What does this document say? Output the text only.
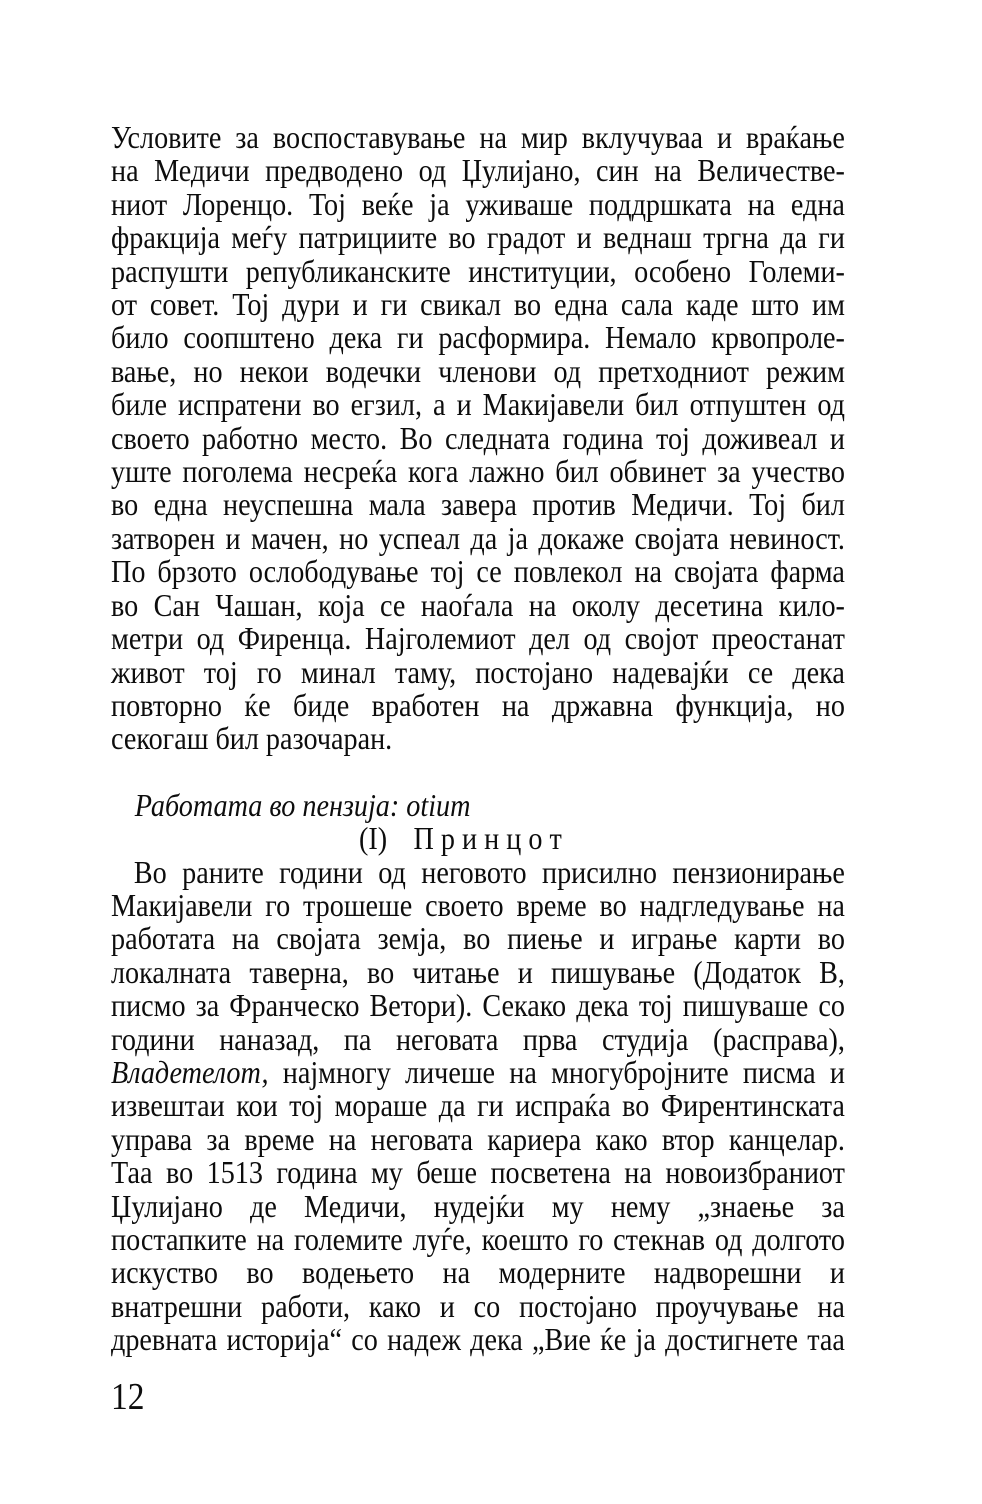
Условите за воспоставување на мир вклучуваа и враќање
на Медичи предводено од Џулијано, син на Величестве-
ниот Лоренцо. Тој веќе ја уживаше поддршката на една
фракција меѓу патрициите во градот и веднаш тргна да ги
распушти републиканските институции, особено Големи-
от совет. Тој дури и ги свикал во една сала каде што им
било соопштено дека ги расформира. Немало крвопроле-
вање, но некои водечки членови од претходниот режим
биле испратени во егзил, а и Макијавели бил отпуштен од
своето работно место. Во следната година тој доживеал и
уште поголема несреќа кога лажно бил обвинет за учество
во една неуспешна мала завера против Медичи. Тој бил
затворен и мачен, но успеал да ја докаже својата невиност.
По брзото ослободување тој се повлекол на својата фарма
во Сан Чашан, која се наоѓала на околу десетина кило-
метри од Фиренца. Најголемиот дел од својот преостанат
живот тој го минал таму, постојано надевајќи се дека
повторно ќе биде вработен на државна функција, но
секогаш бил разочаран.
Работата во пензија: otium
(I) П р и н ц о т
Во раните години од неговото присилно пензионирање
Макијавели го трошеше своето време во надгледување на
работата на својата земја, во пиење и играње карти во
локалната таверна, во читање и пишување (Додаток В,
писмо за Франческо Ветори). Секако дека тој пишуваше со
години наназад, па неговата прва студија (расправа),
Владетелот, најмногу личеше на многубројните писма и
извештаи кои тој мораше да ги испраќа во Фирентинската
управа за време на неговата кариера како втор канцелар.
Таа во 1513 година му беше посветена на новоизбраниот
Џулијано де Медичи, нудејќи му нему „знаење за
постапките на големите луѓе, коешто го стекнав од долгото
искуство во водењето на модерните надворешни и
внатрешни работи, како и со постојано проучување на
древната историја“ со надеж дека „Вие ќе ја достигнете таа
12
